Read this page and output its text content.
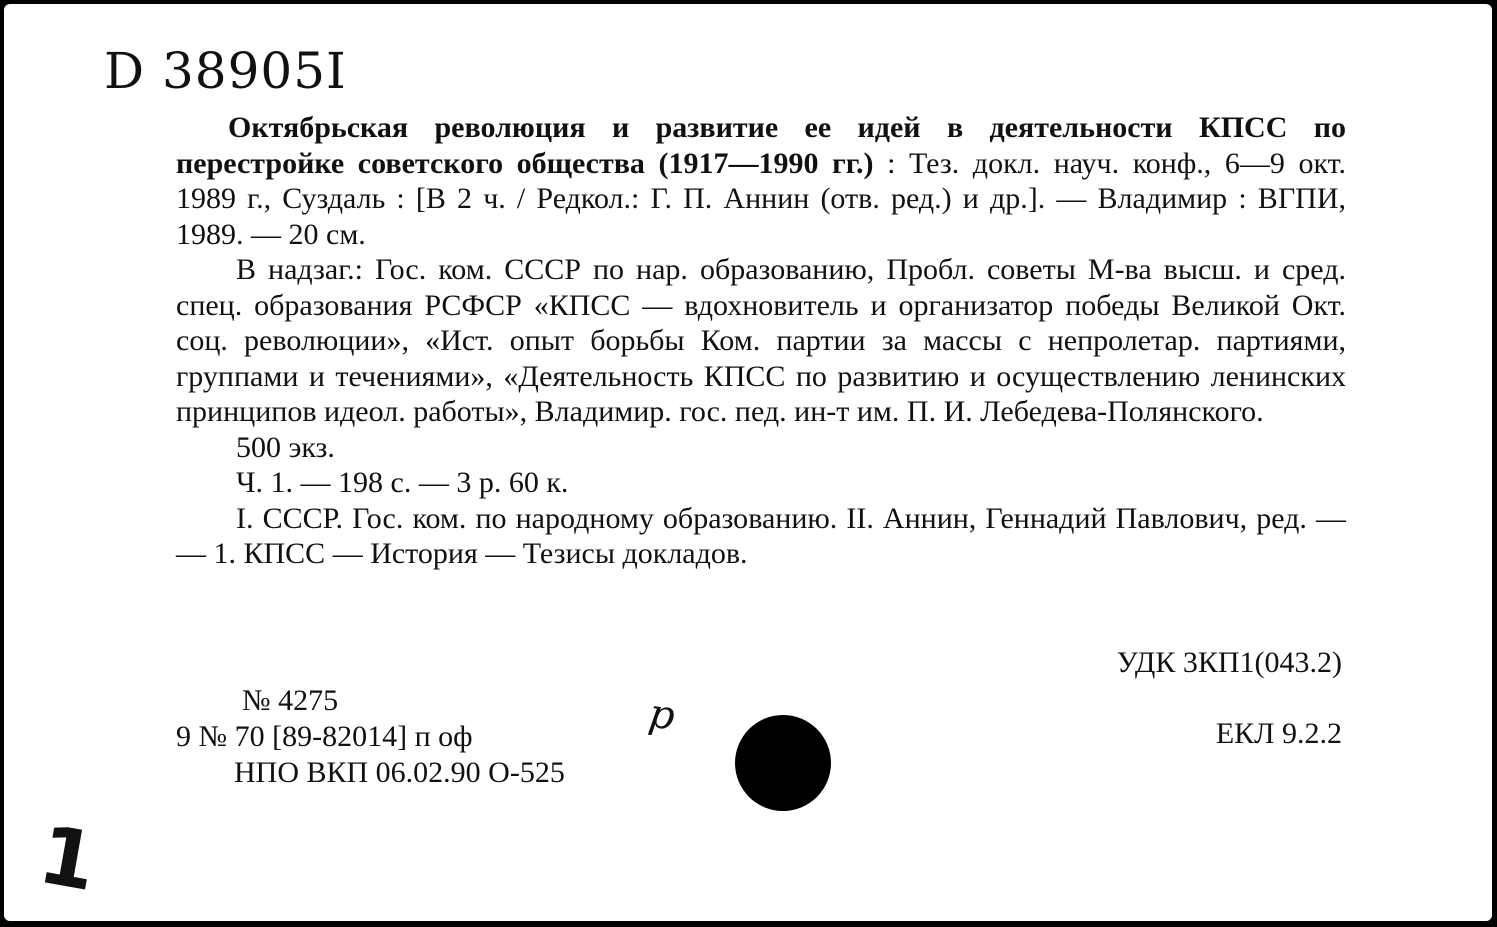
D 38905I

Октябрьская революция и развитие ее идей в деятельности КПСС по перестройке советского общества (1917—1990 гг.) : Тез. докл. науч. конф., 6—9 окт. 1989 г., Суздаль : [В 2 ч. / Редкол.: Г. П. Аннин (отв. ред.) и др.]. — Владимир : ВГПИ, 1989. — 20 см.

В надзаг.: Гос. ком. СССР по нар. образованию, Пробл. советы М-ва высш. и сред. спец. образования РСФСР «КПСС — вдохновитель и организатор победы Великой Окт. соц. революции», «Ист. опыт борьбы Ком. партии за массы с непролетар. партиями, группами и течениями», «Деятельность КПСС по развитию и осуществлению ленинских принципов идеол. работы», Владимир. гос. пед. ин-т им. П. И. Лебедева-Полянского.

500 экз.

Ч. 1. — 198 с. — 3 р. 60 к.

I. СССР. Гос. ком. по народному образованию. II. Аннин, Геннадий Павлович, ред. — — 1. КПСС — История — Тезисы докладов.

УДК 3КП1(043.2)
№ 4275
9 № 70 [89-82014] п оф
НПО ВКП 06.02.90 О-525
ЕКЛ 9.2.2
р
1
